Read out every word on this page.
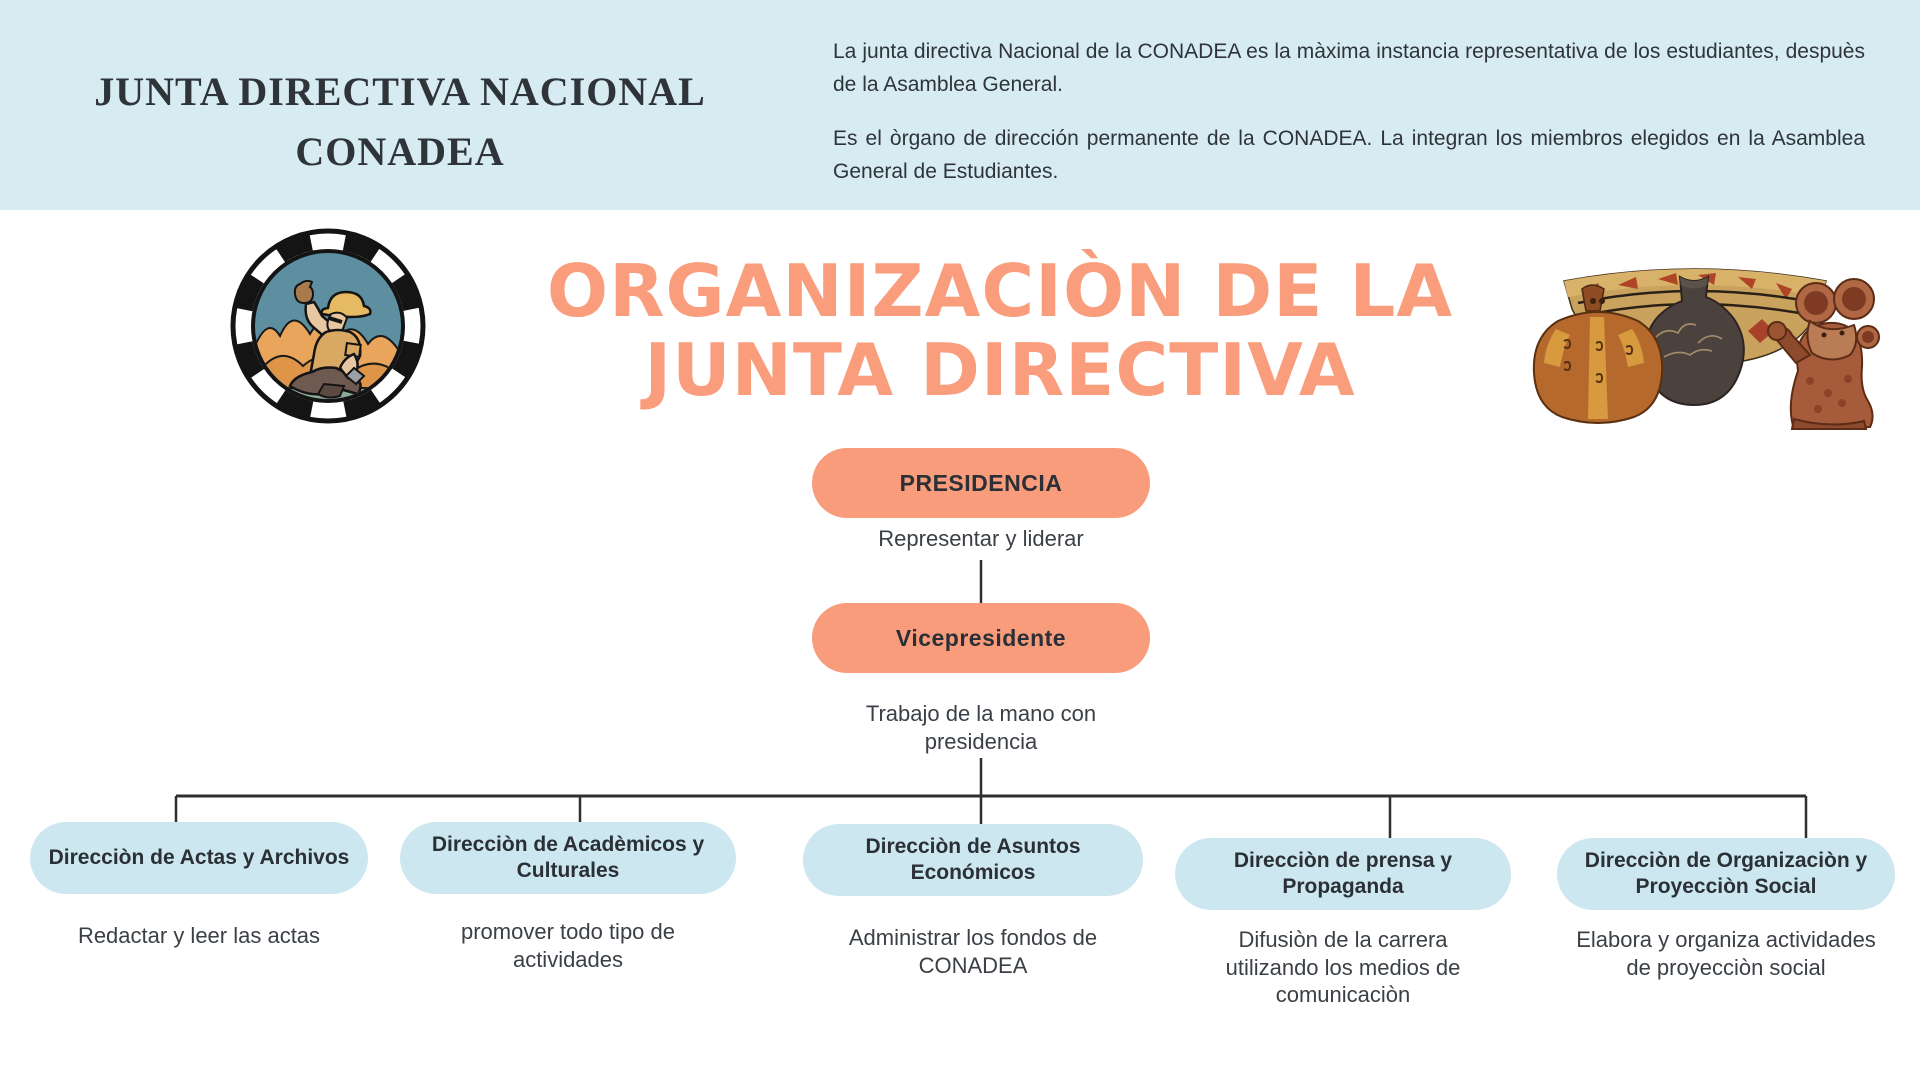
JUNTA DIRECTIVA NACIONAL CONADEA

La junta directiva Nacional de la CONADEA es la màxima instancia representativa de los estudiantes, despuès de la Asamblea General.

Es el òrgano de dirección permanente de la CONADEA. La integran los miembros elegidos en la Asamblea General de Estudiantes.

ORGANIZACIÒN DE LA
JUNTA DIRECTIVA
PRESIDENCIA
Representar y liderar
Vicepresidente
Trabajo de la mano con presidencia
Direcciòn de Actas y Archivos
Redactar y leer las actas
Direcciòn de Acadèmicos y Culturales
promover todo tipo de actividades
Direcciòn de Asuntos Económicos
Administrar los fondos de CONADEA
Direcciòn de prensa y Propaganda
Difusiòn de la carrera utilizando los medios de comunicaciòn
Direcciòn de Organizaciòn y Proyecciòn Social
Elabora y organiza actividades de proyecciòn social
